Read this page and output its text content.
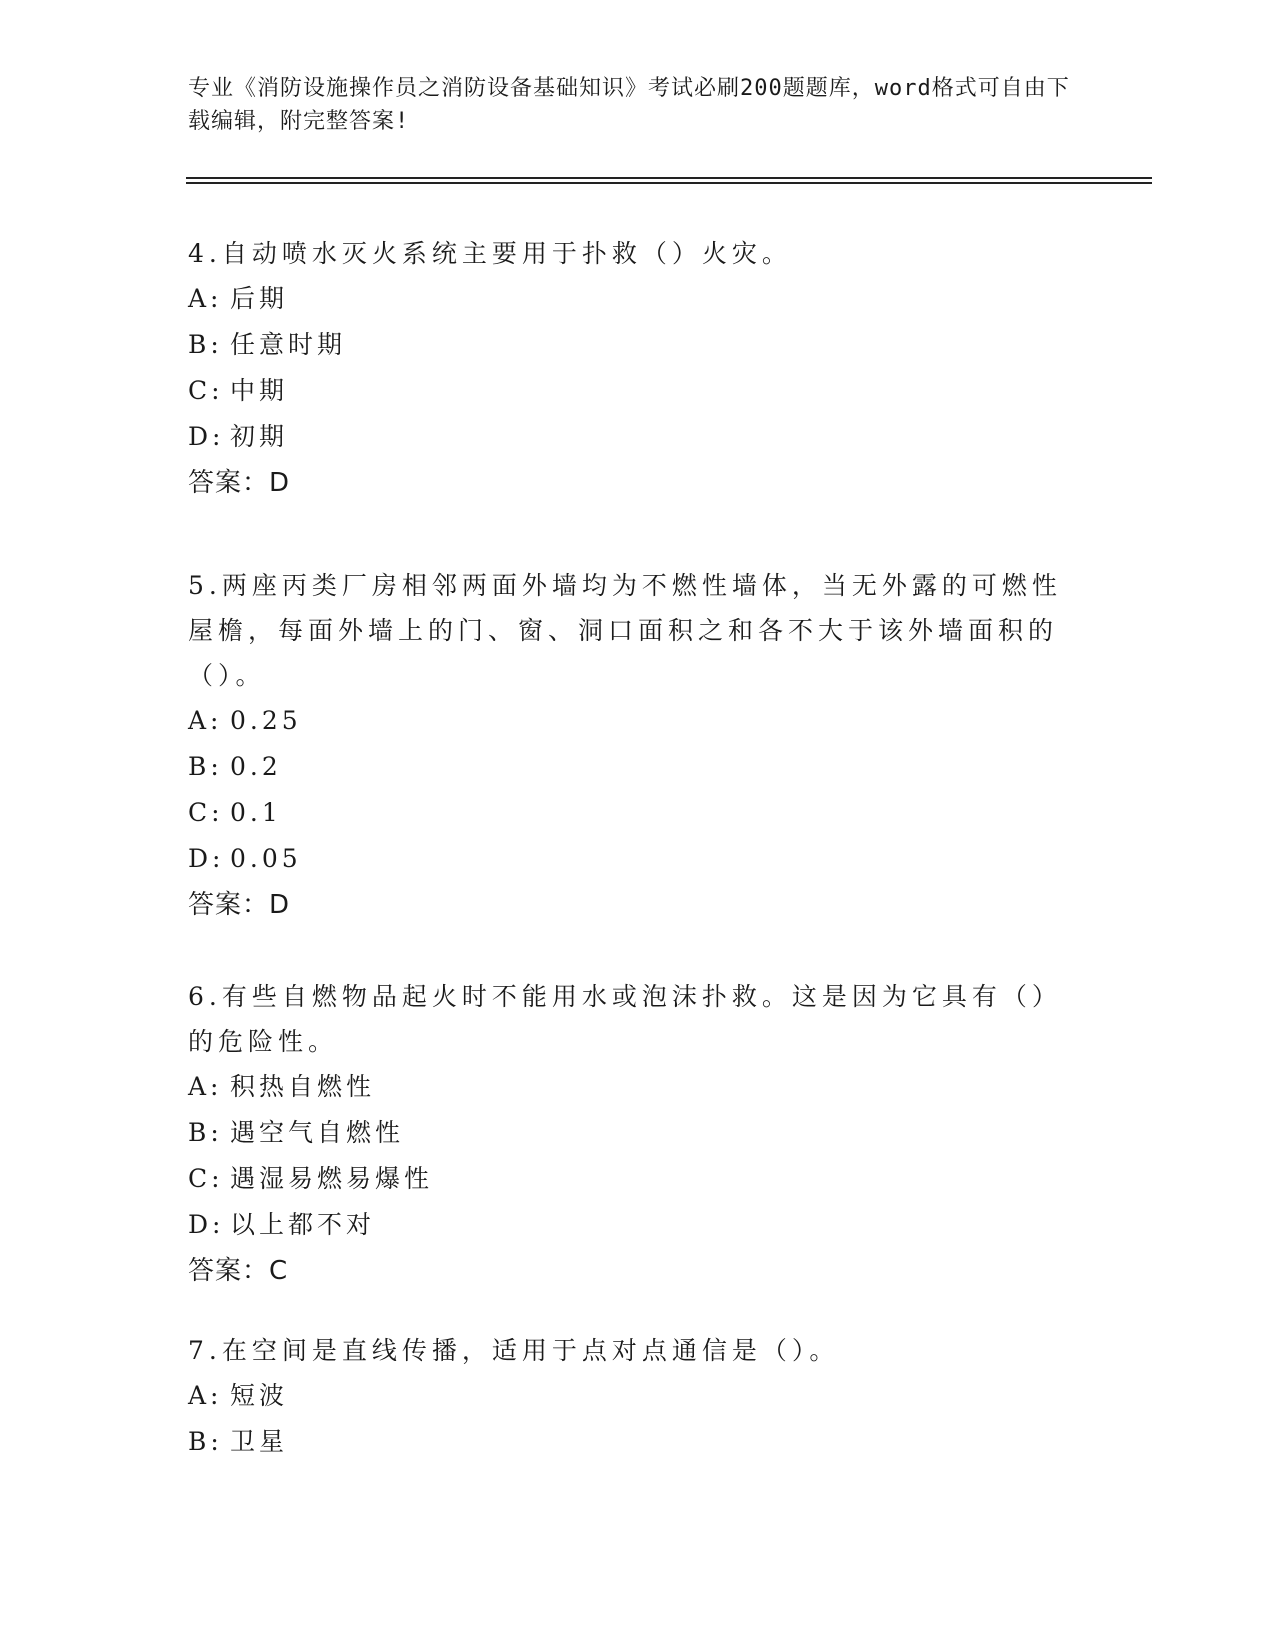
专业《消防设施操作员之消防设备基础知识》考试必刷200题题库，word格式可自由下载编辑，附完整答案!

4.自动喷水灭火系统主要用于扑救（）火灾。

A: 后期
B: 任意时期
C: 中期
D: 初期
答案：D

5.两座丙类厂房相邻两面外墙均为不燃性墙体，当无外露的可燃性屋檐，每面外墙上的门、窗、洞口面积之和各不大于该外墙面积的（）。

A: 0.25
B: 0.2
C: 0.1
D: 0.05
答案：D

6.有些自燃物品起火时不能用水或泡沫扑救。这是因为它具有（）的危险性。

A: 积热自燃性
B: 遇空气自燃性
C: 遇湿易燃易爆性
D: 以上都不对
答案：C

7.在空间是直线传播，适用于点对点通信是（）。

A: 短波
B: 卫星
